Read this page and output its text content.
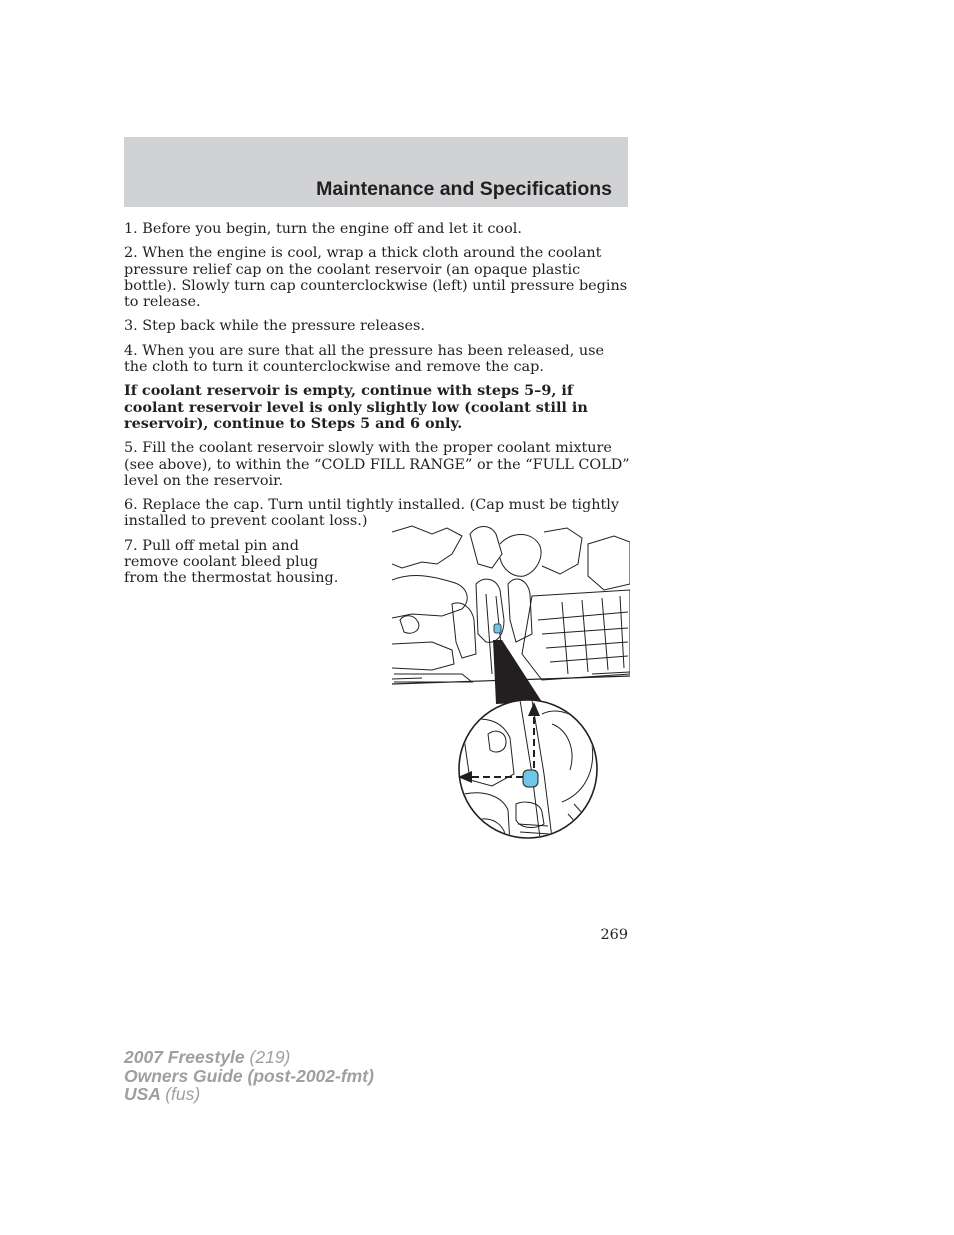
Maintenance and Specifications

1. Before you begin, turn the engine off and let it cool.

2. When the engine is cool, wrap a thick cloth around the coolant pressure relief cap on the coolant reservoir (an opaque plastic bottle). Slowly turn cap counterclockwise (left) until pressure begins to release.

3. Step back while the pressure releases.

4. When you are sure that all the pressure has been released, use the cloth to turn it counterclockwise and remove the cap.

If coolant reservoir is empty, continue with steps 5–9, if coolant reservoir level is only slightly low (coolant still in reservoir), continue to Steps 5 and 6 only.

5. Fill the coolant reservoir slowly with the proper coolant mixture (see above), to within the “COLD FILL RANGE” or the “FULL COLD” level on the reservoir.

6. Replace the cap. Turn until tightly installed. (Cap must be tightly installed to prevent coolant loss.)

7. Pull off metal pin and remove coolant bleed plug from the thermostat housing.

269
2007 Freestyle (219)
Owners Guide (post-2002-fmt)
USA (fus)
